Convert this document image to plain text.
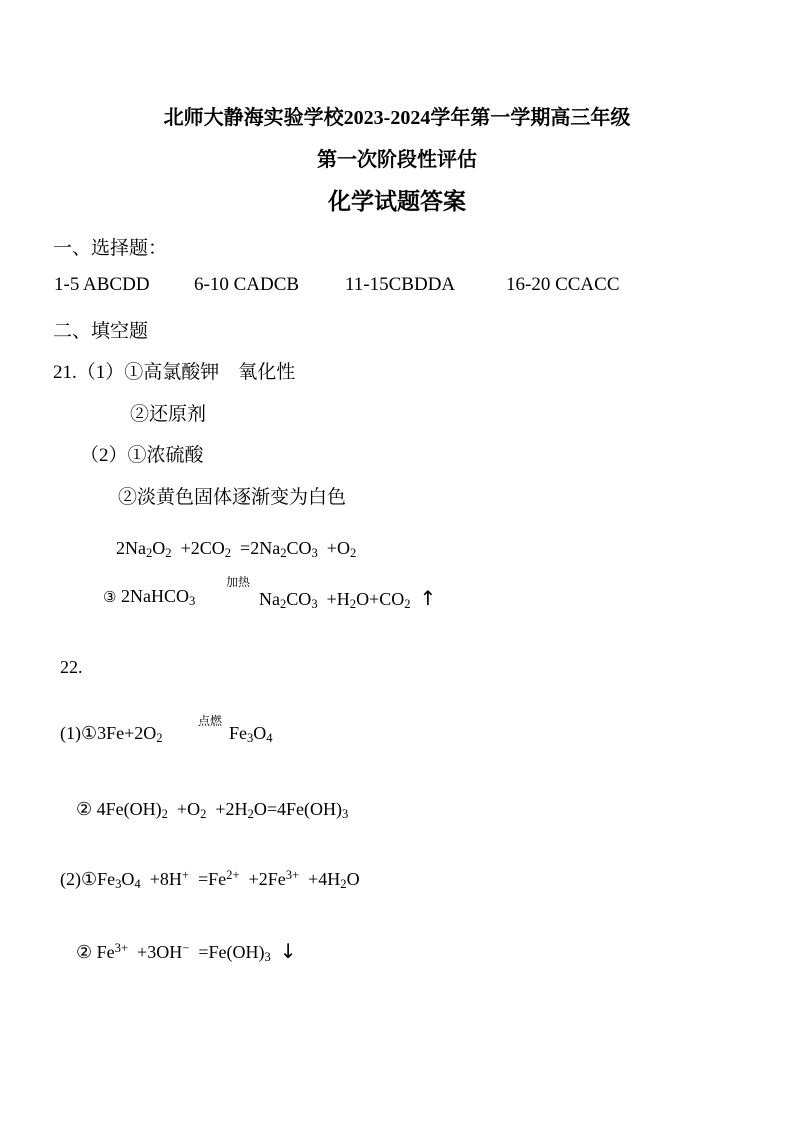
北师大静海实验学校2023-2024学年第一学期高三年级
第一次阶段性评估
化学试题答案
一、选择题：
1-5 ABCDD 6-10 CADCB 11-15CBDDA	16-20 CCACC
二、填空题
21.（1）①高氯酸钾　氧化性
②还原剂
（2）①浓硫酸
②淡黄色固体逐渐变为白色
$2Na_2O_2 +2CO_2 =2Na_2CO_3 +O_2$
③ 2NaHCO$_3$
加热
$Na_2CO_3 +H_2O+CO_2$ ↑
22.
$(1)①3Fe+2O_2$
点燃
$Fe_3O_4$
② $4Fe(OH)_2 +O_2 +2H_2O=4Fe(OH)_3$
$(2)①Fe_3O_4 +8H^+ =Fe^{2+} +2Fe^{3+} +4H_2O$
② $Fe^{3+} +3OH^- =Fe(OH)_3$ ↓
